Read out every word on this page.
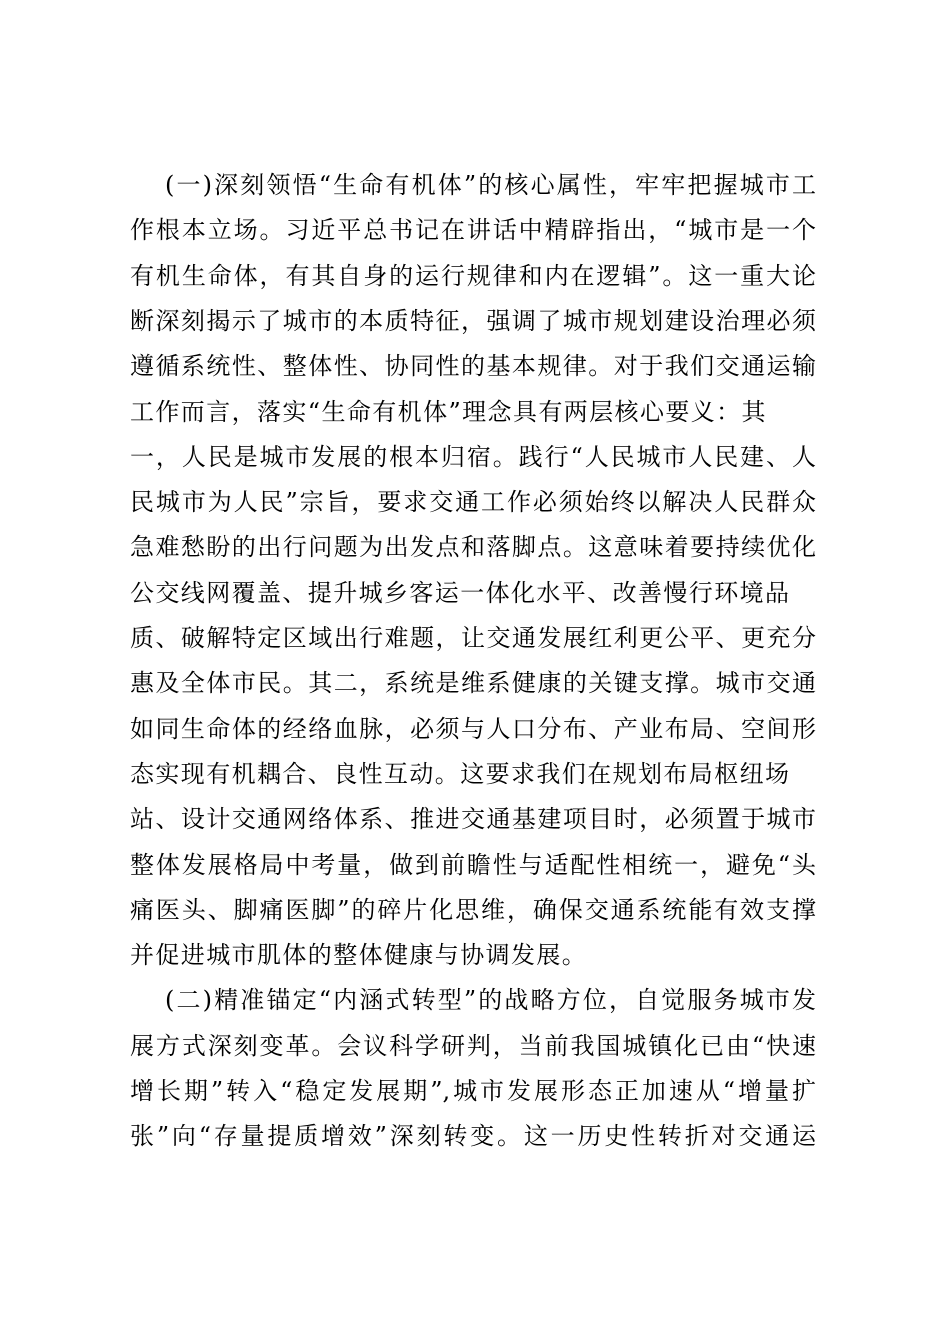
(一)深刻领悟“生命有机体”的核心属性，牢牢把握城市工
作根本立场。习近平总书记在讲话中精辟指出，“城市是一个
有机生命体，有其自身的运行规律和内在逻辑”。这一重大论
断深刻揭示了城市的本质特征，强调了城市规划建设治理必须
遵循系统性、整体性、协同性的基本规律。对于我们交通运输
工作而言，落实“生命有机体”理念具有两层核心要义：其
一，人民是城市发展的根本归宿。践行“人民城市人民建、人
民城市为人民”宗旨，要求交通工作必须始终以解决人民群众
急难愁盼的出行问题为出发点和落脚点。这意味着要持续优化
公交线网覆盖、提升城乡客运一体化水平、改善慢行环境品
质、破解特定区域出行难题，让交通发展红利更公平、更充分
惠及全体市民。其二，系统是维系健康的关键支撑。城市交通
如同生命体的经络血脉，必须与人口分布、产业布局、空间形
态实现有机耦合、良性互动。这要求我们在规划布局枢纽场
站、设计交通网络体系、推进交通基建项目时，必须置于城市
整体发展格局中考量，做到前瞻性与适配性相统一，避免“头
痛医头、脚痛医脚”的碎片化思维，确保交通系统能有效支撑
并促进城市肌体的整体健康与协调发展。
(二)精准锚定“内涵式转型”的战略方位，自觉服务城市发
展方式深刻变革。会议科学研判，当前我国城镇化已由“快速
增长期”转入“稳定发展期”,城市发展形态正加速从“增量扩
张”向“存量提质增效”深刻转变。这一历史性转折对交通运
